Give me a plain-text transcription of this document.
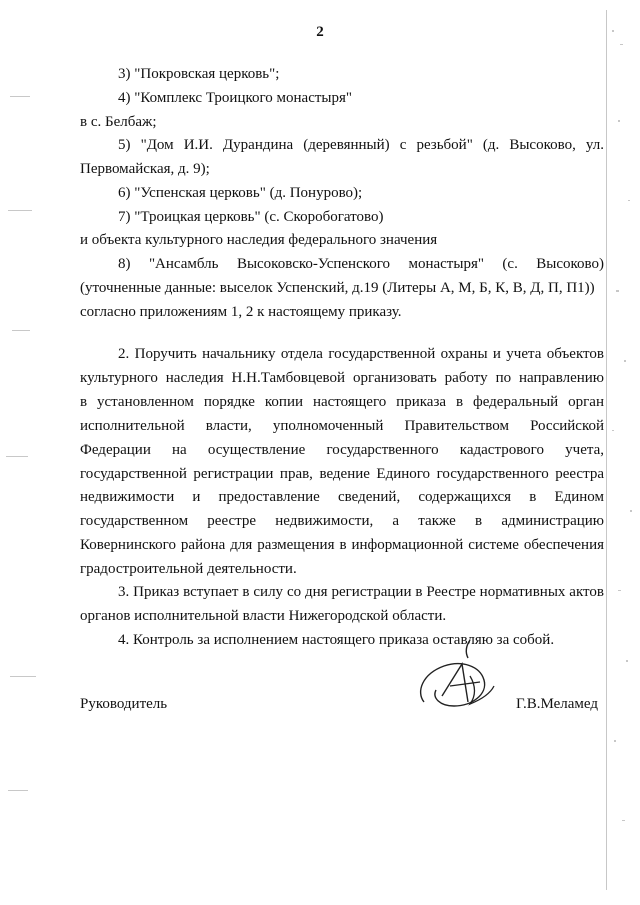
2
3) "Покровская церковь";
4) "Комплекс Троицкого монастыря"
в с. Белбаж;
5) "Дом И.И. Дурандина (деревянный) с резьбой" (д. Высоково, ул.
Первомайская, д. 9);
6) "Успенская церковь" (д. Понурово);
7) "Троицкая церковь" (с. Скоробогатово)
и объекта культурного наследия федерального значения
8) "Ансамбль Высоковско-Успенского монастыря" (с. Высоково)
(уточненные данные: выселок Успенский, д.19 (Литеры А, М, Б, К, В, Д, П, П1))
согласно приложениям 1, 2 к настоящему приказу.
2. Поручить начальнику отдела государственной охраны и учета объектов
культурного наследия Н.Н.Тамбовцевой организовать работу по направлению
в установленном порядке копии настоящего приказа в федеральный орган
исполнительной власти, уполномоченный Правительством Российской
Федерации на осуществление государственного кадастрового учета,
государственной регистрации прав, ведение Единого государственного реестра
недвижимости и предоставление сведений, содержащихся в Едином
государственном реестре недвижимости, а также в администрацию
Ковернинского района для размещения в информационной системе обеспечения
градостроительной деятельности.
3. Приказ вступает в силу со дня регистрации в Реестре нормативных актов
органов исполнительной власти Нижегородской области.
4. Контроль за исполнением настоящего приказа оставляю за собой.
Руководитель	Г.В.Меламед
